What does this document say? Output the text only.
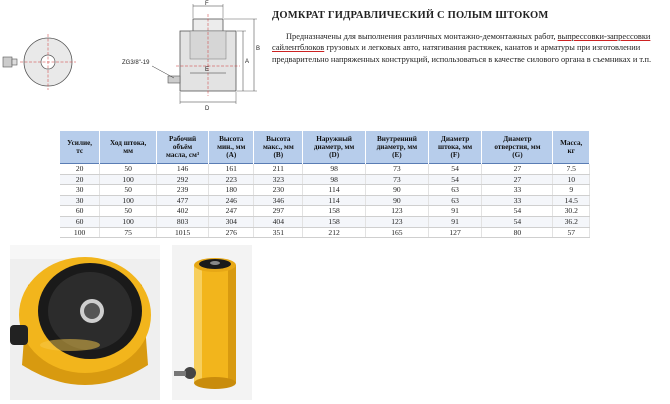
ZG3/8"-19
F
E
D
A
B
ДОМКРАТ ГИДРАВЛИЧЕСКИЙ С ПОЛЫМ ШТОКОМ
Предназначены для выполнения различных монтажно-демонтажных работ, выпрессовки-запрессовки сайлентблоков грузовых и легковых авто, натягивания растяжек, канатов и арматуры при изготовлении предварительно напряженных конструкций, использоваться в качестве силового органа в съемниках и т.п.
Усилие,
тс	Ход штока,
мм	Рабочий
объём
масла, см³	Высота
мин., мм
(A)	Высота
макс., мм
(B)	Наружный
диаметр, мм
(D)	Внутренний
диаметр, мм
(E)	Диаметр
штока, мм
(F)	Диаметр
отверстия, мм
(G)	Масса,
кг
20	50	146	161	211	98	73	54	27	7.5
20	100	292	223	323	98	73	54	27	10
30	50	239	180	230	114	90	63	33	9
30	100	477	246	346	114	90	63	33	14.5
60	50	402	247	297	158	123	91	54	30.2
60	100	803	304	404	158	123	91	54	36.2
100	75	1015	276	351	212	165	127	80	57
